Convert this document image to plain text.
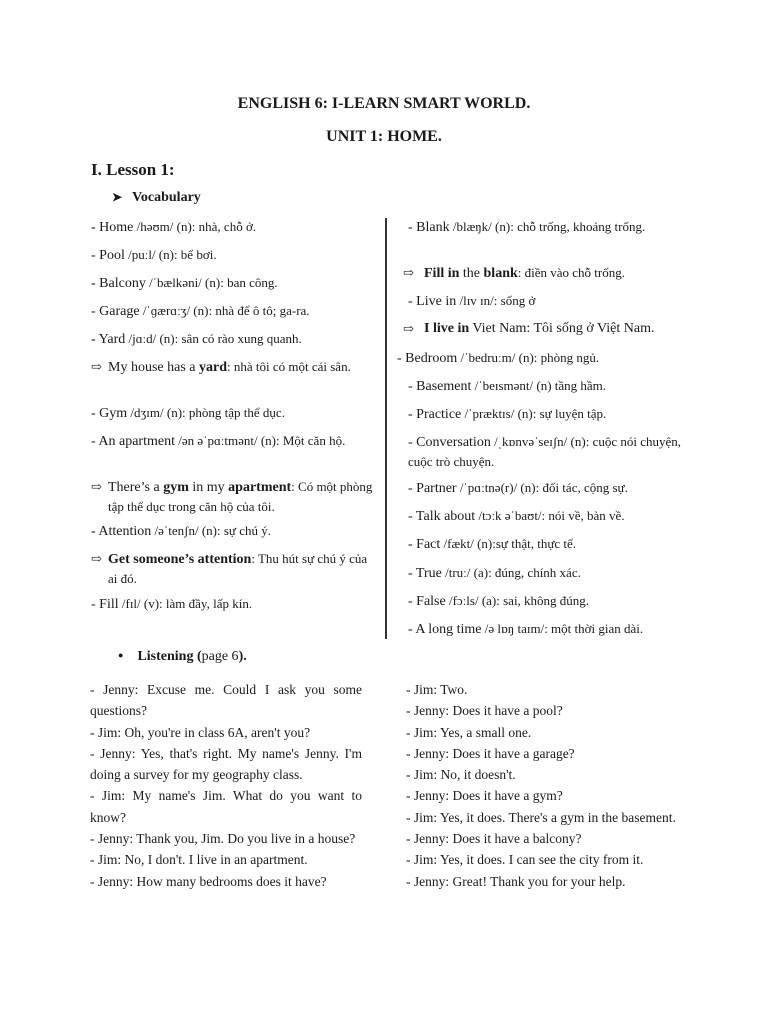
ENGLISH 6: I-LEARN SMART WORLD.
UNIT 1: HOME.
I. Lesson 1:
➤ Vocabulary
- Home /həʊm/ (n): nhà, chỗ ở.
- Pool /puːl/ (n): bể bơi.
- Balcony /ˈbælkəni/ (n): ban công.
- Garage /ˈɡærɑːʒ/ (n): nhà để ô tô; ga-ra.
- Yard /jɑːd/ (n): sân có rào xung quanh.
⇨ My house has a yard: nhà tôi có một cái sân.
- Gym /dʒɪm/ (n): phòng tập thể dục.
- An apartment /ən əˈpɑːtmənt/ (n): Một căn hộ.
⇨ There’s a gym in my apartment: Có một phòng tập thể dục trong căn hộ của tôi.
- Attention /əˈtenʃn/ (n): sự chú ý.
⇨ Get someone’s attention: Thu hút sự chú ý của ai đó.
- Fill /fɪl/ (v): làm đầy, lấp kín.
- Blank /blæŋk/ (n): chỗ trống, khoảng trống.
⇨ Fill in the blank: điền vào chỗ trống.
- Live in /lɪv ɪn/: sống ở
⇨ I live in Viet Nam: Tôi sống ở Việt Nam.
- Bedroom /ˈbedruːm/ (n): phòng ngủ.
- Basement /ˈbeɪsmənt/ (n) tầng hầm.
- Practice /ˈpræktɪs/ (n): sự luyện tập.
- Conversation /ˌkɒnvəˈseɪʃn/ (n): cuộc nói chuyện, cuộc trò chuyện.
- Partner /ˈpɑːtnə(r)/ (n): đối tác, cộng sự.
- Talk about /tɔːk əˈbaʊt/: nói về, bàn về.
- Fact /fækt/ (n):sự thật, thực tế.
- True /truː/ (a): đúng, chính xác.
- False /fɔːls/ (a): sai, không đúng.
- A long time /ə lɒŋ taɪm/: một thời gian dài.
● Listening (page 6).
- Jenny: Excuse me. Could I ask you some questions?
- Jim: Oh, you're in class 6A, aren't you?
- Jenny: Yes, that's right. My name's Jenny. I'm doing a survey for my geography class.
- Jim: My name's Jim. What do you want to know?
- Jenny: Thank you, Jim. Do you live in a house?
- Jim: No, I don't. I live in an apartment.
- Jenny: How many bedrooms does it have?
- Jim: Two.
- Jenny: Does it have a pool?
- Jim: Yes, a small one.
- Jenny: Does it have a garage?
- Jim: No, it doesn't.
- Jenny: Does it have a gym?
- Jim: Yes, it does. There's a gym in the basement.
- Jenny: Does it have a balcony?
- Jim: Yes, it does. I can see the city from it.
- Jenny: Great! Thank you for your help.
